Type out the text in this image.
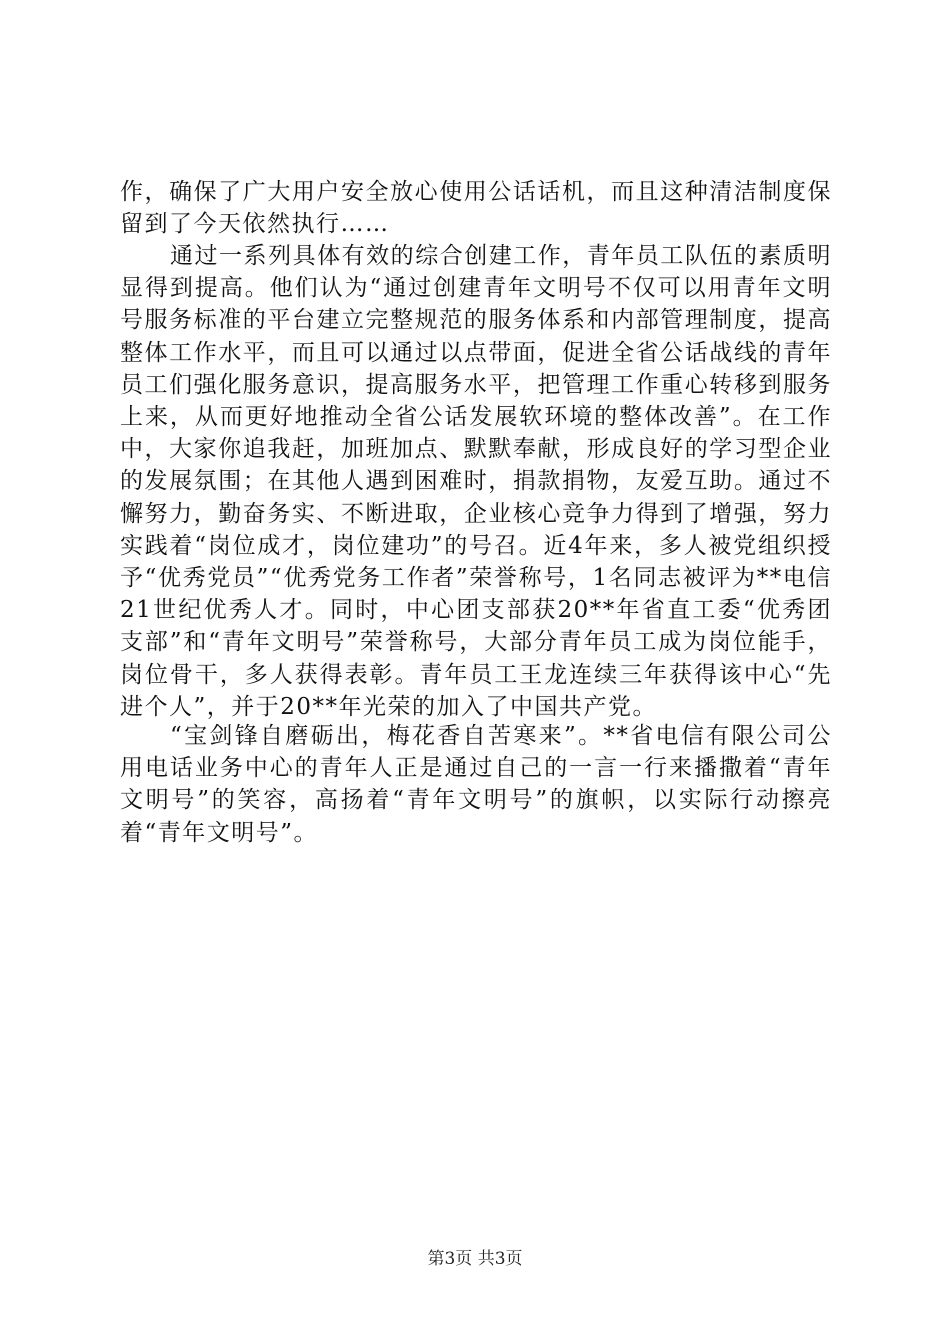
作，确保了广大用户安全放心使用公话话机，而且这种清洁制度保留到了今天依然执行……

通过一系列具体有效的综合创建工作，青年员工队伍的素质明显得到提高。他们认为“通过创建青年文明号不仅可以用青年文明号服务标准的平台建立完整规范的服务体系和内部管理制度，提高整体工作水平，而且可以通过以点带面，促进全省公话战线的青年员工们强化服务意识，提高服务水平，把管理工作重心转移到服务上来，从而更好地推动全省公话发展软环境的整体改善”。在工作中，大家你追我赶，加班加点、默默奉献，形成良好的学习型企业的发展氛围；在其他人遇到困难时，捐款捐物，友爱互助。通过不懈努力，勤奋务实、不断进取，企业核心竞争力得到了增强，努力实践着“岗位成才，岗位建功”的号召。近4年来，多人被党组织授予“优秀党员”“优秀党务工作者”荣誉称号，1名同志被评为**电信21世纪优秀人才。同时，中心团支部获20**年省直工委“优秀团支部”和“青年文明号”荣誉称号，大部分青年员工成为岗位能手，岗位骨干，多人获得表彰。青年员工王龙连续三年获得该中心“先进个人”，并于20**年光荣的加入了中国共产党。

“宝剑锋自磨砺出，梅花香自苦寒来”。**省电信有限公司公用电话业务中心的青年人正是通过自己的一言一行来播撒着“青年文明号”的笑容，高扬着“青年文明号”的旗帜，以实际行动擦亮着“青年文明号”。

第3页 共3页
